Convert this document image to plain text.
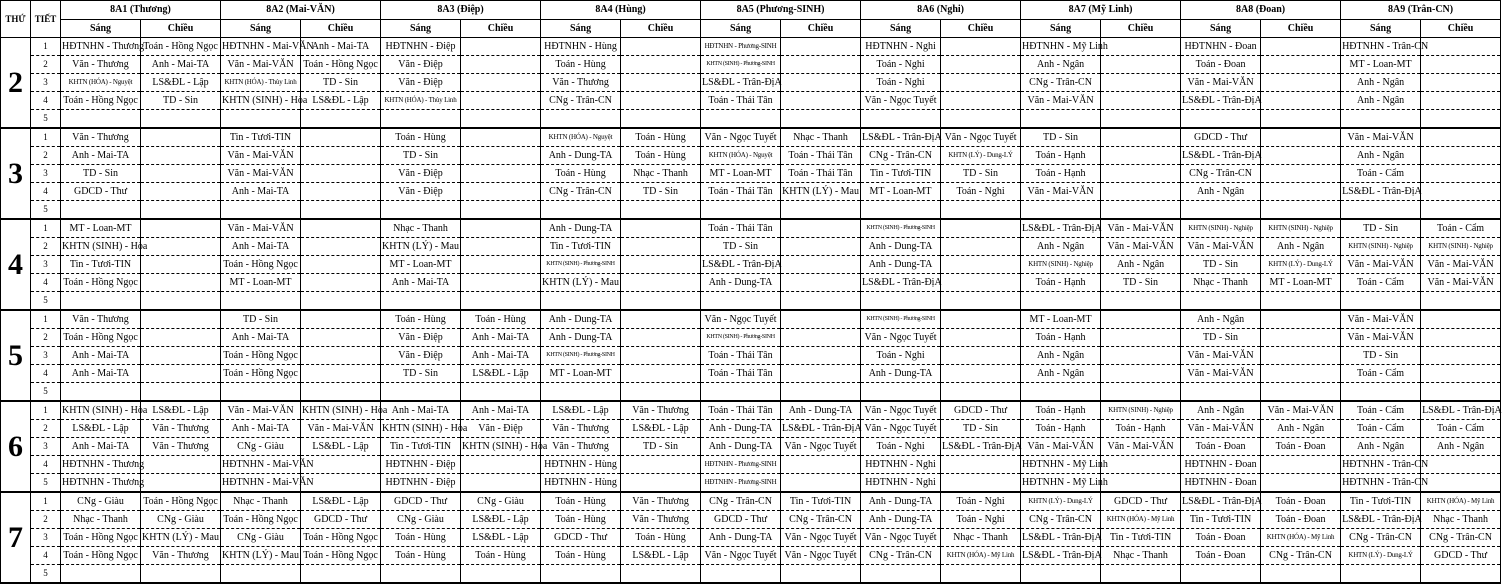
THỨ	TIẾT	8A1 (Thương)		8A2 (Mai-VĂN)		8A3 (Điệp)		8A4 (Hùng)		8A5 (Phương-SINH)		8A6 (Nghi)		8A7 (Mỹ Linh)		8A8 (Đoan)		8A9 (Trân-CN)	
		Sáng	Chiều	Sáng	Chiều	Sáng	Chiều	Sáng	Chiều	Sáng	Chiều	Sáng	Chiều	Sáng	Chiều	Sáng	Chiều	Sáng	Chiều
2	1	HĐTNHN - Thương	Toán - Hồng Ngọc	HĐTNHN - Mai-VĂN	Anh - Mai-TA	HĐTNHN - Điệp		HĐTNHN - Hùng		HĐTNHN - Phương-SINH		HĐTNHN - Nghi		HĐTNHN - Mỹ Linh		HĐTNHN - Đoan		HĐTNHN - Trân-CN	
	2	Văn - Thương	Anh - Mai-TA	Văn - Mai-VĂN	Toán - Hồng Ngọc	Văn - Điệp		Toán - Hùng		KHTN (SINH) - Phương-SINH		Toán - Nghi		Anh - Ngân		Toán - Đoan		MT - Loan-MT	
	3	KHTN (HÓA) - Nguyệt	LS&ĐL - Lập	KHTN (HÓA) - Thùy Linh	TD - Sin	Văn - Điệp		Văn - Thương		LS&ĐL - Trân-ĐịA		Toán - Nghi		CNg - Trân-CN		Văn - Mai-VĂN		Anh - Ngân	
	4	Toán - Hồng Ngọc	TD - Sin	KHTN (SINH) - Hòa	LS&ĐL - Lập	KHTN (HÓA) - Thùy Linh		CNg - Trân-CN		Toán - Thái Tân		Văn - Ngọc Tuyết		Văn - Mai-VĂN		LS&ĐL - Trân-ĐịA		Anh - Ngân	
	5																		
3	1	Văn - Thương		Tin - Tươi-TIN		Toán - Hùng		KHTN (HÓA) - Nguyệt	Toán - Hùng	Văn - Ngọc Tuyết	Nhạc - Thanh	LS&ĐL - Trân-ĐịA	Văn - Ngọc Tuyết	TD - Sin		GDCD - Thư		Văn - Mai-VĂN	
	2	Anh - Mai-TA		Văn - Mai-VĂN		TD - Sin		Anh - Dung-TA	Toán - Hùng	KHTN (HÓA) - Nguyệt	Toán - Thái Tân	CNg - Trân-CN	KHTN (LÝ) - Dung-LÝ	Toán - Hạnh		LS&ĐL - Trân-ĐịA		Anh - Ngân	
	3	TD - Sin		Văn - Mai-VĂN		Văn - Điệp		Toán - Hùng	Nhạc - Thanh	MT - Loan-MT	Toán - Thái Tân	Tin - Tươi-TIN	TD - Sin	Toán - Hạnh		CNg - Trân-CN		Toán - Cẩm	
	4	GDCD - Thư		Anh - Mai-TA		Văn - Điệp		CNg - Trân-CN	TD - Sin	Toán - Thái Tân	KHTN (LÝ) - Mau	MT - Loan-MT	Toán - Nghi	Văn - Mai-VĂN		Anh - Ngân		LS&ĐL - Trân-ĐịA	
	5																		
4	1	MT - Loan-MT		Văn - Mai-VĂN		Nhạc - Thanh		Anh - Dung-TA		Toán - Thái Tân		KHTN (SINH) - Phương-SINH		LS&ĐL - Trân-ĐịA	Văn - Mai-VĂN	KHTN (SINH) - Nghiệp	KHTN (SINH) - Nghiệp	TD - Sin	Toán - Cẩm
	2	KHTN (SINH) - Hòa		Anh - Mai-TA		KHTN (LÝ) - Mau		Tin - Tươi-TIN		TD - Sin		Anh - Dung-TA		Anh - Ngân	Văn - Mai-VĂN	Văn - Mai-VĂN	Anh - Ngân	KHTN (SINH) - Nghiệp	KHTN (SINH) - Nghiệp
	3	Tin - Tươi-TIN		Toán - Hồng Ngọc		MT - Loan-MT		KHTN (SINH) - Phương-SINH		LS&ĐL - Trân-ĐịA		Anh - Dung-TA		KHTN (SINH) - Nghiệp	Anh - Ngân	TD - Sin	KHTN (LÝ) - Dung-LÝ	Văn - Mai-VĂN	Văn - Mai-VĂN
	4	Toán - Hồng Ngọc		MT - Loan-MT		Anh - Mai-TA		KHTN (LÝ) - Mau		Anh - Dung-TA		LS&ĐL - Trân-ĐịA		Toán - Hạnh	TD - Sin	Nhạc - Thanh	MT - Loan-MT	Toán - Cẩm	Văn - Mai-VĂN
	5																		
5	1	Văn - Thương		TD - Sin		Toán - Hùng	Toán - Hùng	Anh - Dung-TA		Văn - Ngọc Tuyết		KHTN (SINH) - Phương-SINH		MT - Loan-MT		Anh - Ngân		Văn - Mai-VĂN	
	2	Toán - Hồng Ngọc		Anh - Mai-TA		Văn - Điệp	Anh - Mai-TA	Anh - Dung-TA		KHTN (SINH) - Phương-SINH		Văn - Ngọc Tuyết		Toán - Hạnh		TD - Sin		Văn - Mai-VĂN	
	3	Anh - Mai-TA		Toán - Hồng Ngọc		Văn - Điệp	Anh - Mai-TA	KHTN (SINH) - Phương-SINH		Toán - Thái Tân		Toán - Nghi		Anh - Ngân		Văn - Mai-VĂN		TD - Sin	
	4	Anh - Mai-TA		Toán - Hồng Ngọc		TD - Sin	LS&ĐL - Lập	MT - Loan-MT		Toán - Thái Tân		Anh - Dung-TA		Anh - Ngân		Văn - Mai-VĂN		Toán - Cẩm	
	5																		
6	1	KHTN (SINH) - Hòa	LS&ĐL - Lập	Văn - Mai-VĂN	KHTN (SINH) - Hòa	Anh - Mai-TA	Anh - Mai-TA	LS&ĐL - Lập	Văn - Thương	Toán - Thái Tân	Anh - Dung-TA	Văn - Ngọc Tuyết	GDCD - Thư	Toán - Hạnh	KHTN (SINH) - Nghiệp	Anh - Ngân	Văn - Mai-VĂN	Toán - Cẩm	LS&ĐL - Trân-ĐịA
	2	LS&ĐL - Lập	Văn - Thương	Anh - Mai-TA	Văn - Mai-VĂN	KHTN (SINH) - Hòa	Văn - Điệp	Văn - Thương	LS&ĐL - Lập	Anh - Dung-TA	LS&ĐL - Trân-ĐịA	Văn - Ngọc Tuyết	TD - Sin	Toán - Hạnh	Toán - Hạnh	Văn - Mai-VĂN	Anh - Ngân	Toán - Cẩm	Toán - Cẩm
	3	Anh - Mai-TA	Văn - Thương	CNg - Giàu	LS&ĐL - Lập	Tin - Tươi-TIN	KHTN (SINH) - Hòa	Văn - Thương	TD - Sin	Anh - Dung-TA	Văn - Ngọc Tuyết	Toán - Nghi	LS&ĐL - Trân-ĐịA	Văn - Mai-VĂN	Văn - Mai-VĂN	Toán - Đoan	Toán - Đoan	Anh - Ngân	Anh - Ngân
	4	HĐTNHN - Thương		HĐTNHN - Mai-VĂN		HĐTNHN - Điệp		HĐTNHN - Hùng		HĐTNHN - Phương-SINH		HĐTNHN - Nghi		HĐTNHN - Mỹ Linh		HĐTNHN - Đoan		HĐTNHN - Trân-CN	
	5	HĐTNHN - Thương		HĐTNHN - Mai-VĂN		HĐTNHN - Điệp		HĐTNHN - Hùng		HĐTNHN - Phương-SINH		HĐTNHN - Nghi		HĐTNHN - Mỹ Linh		HĐTNHN - Đoan		HĐTNHN - Trân-CN	
7	1	CNg - Giàu	Toán - Hồng Ngọc	Nhạc - Thanh	LS&ĐL - Lập	GDCD - Thư	CNg - Giàu	Toán - Hùng	Văn - Thương	CNg - Trân-CN	Tin - Tươi-TIN	Anh - Dung-TA	Toán - Nghi	KHTN (LÝ) - Dung-LÝ	GDCD - Thư	LS&ĐL - Trân-ĐịA	Toán - Đoan	Tin - Tươi-TIN	KHTN (HÓA) - Mỹ Linh
	2	Nhạc - Thanh	CNg - Giàu	Toán - Hồng Ngọc	GDCD - Thư	CNg - Giàu	LS&ĐL - Lập	Toán - Hùng	Văn - Thương	GDCD - Thư	CNg - Trân-CN	Anh - Dung-TA	Toán - Nghi	CNg - Trân-CN	KHTN (HÓA) - Mỹ Linh	Tin - Tươi-TIN	Toán - Đoan	LS&ĐL - Trân-ĐịA	Nhạc - Thanh
	3	Toán - Hồng Ngọc	KHTN (LÝ) - Mau	CNg - Giàu	Toán - Hồng Ngọc	Toán - Hùng	LS&ĐL - Lập	GDCD - Thư	Toán - Hùng	Anh - Dung-TA	Văn - Ngọc Tuyết	Văn - Ngọc Tuyết	Nhạc - Thanh	LS&ĐL - Trân-ĐịA	Tin - Tươi-TIN	Toán - Đoan	KHTN (HÓA) - Mỹ Linh	CNg - Trân-CN	CNg - Trân-CN
	4	Toán - Hồng Ngọc	Văn - Thương	KHTN (LÝ) - Mau	Toán - Hồng Ngọc	Toán - Hùng	Toán - Hùng	Toán - Hùng	LS&ĐL - Lập	Văn - Ngọc Tuyết	Văn - Ngọc Tuyết	CNg - Trân-CN	KHTN (HÓA) - Mỹ Linh	LS&ĐL - Trân-ĐịA	Nhạc - Thanh	Toán - Đoan	CNg - Trân-CN	KHTN (LÝ) - Dung-LÝ	GDCD - Thư
	5																		
